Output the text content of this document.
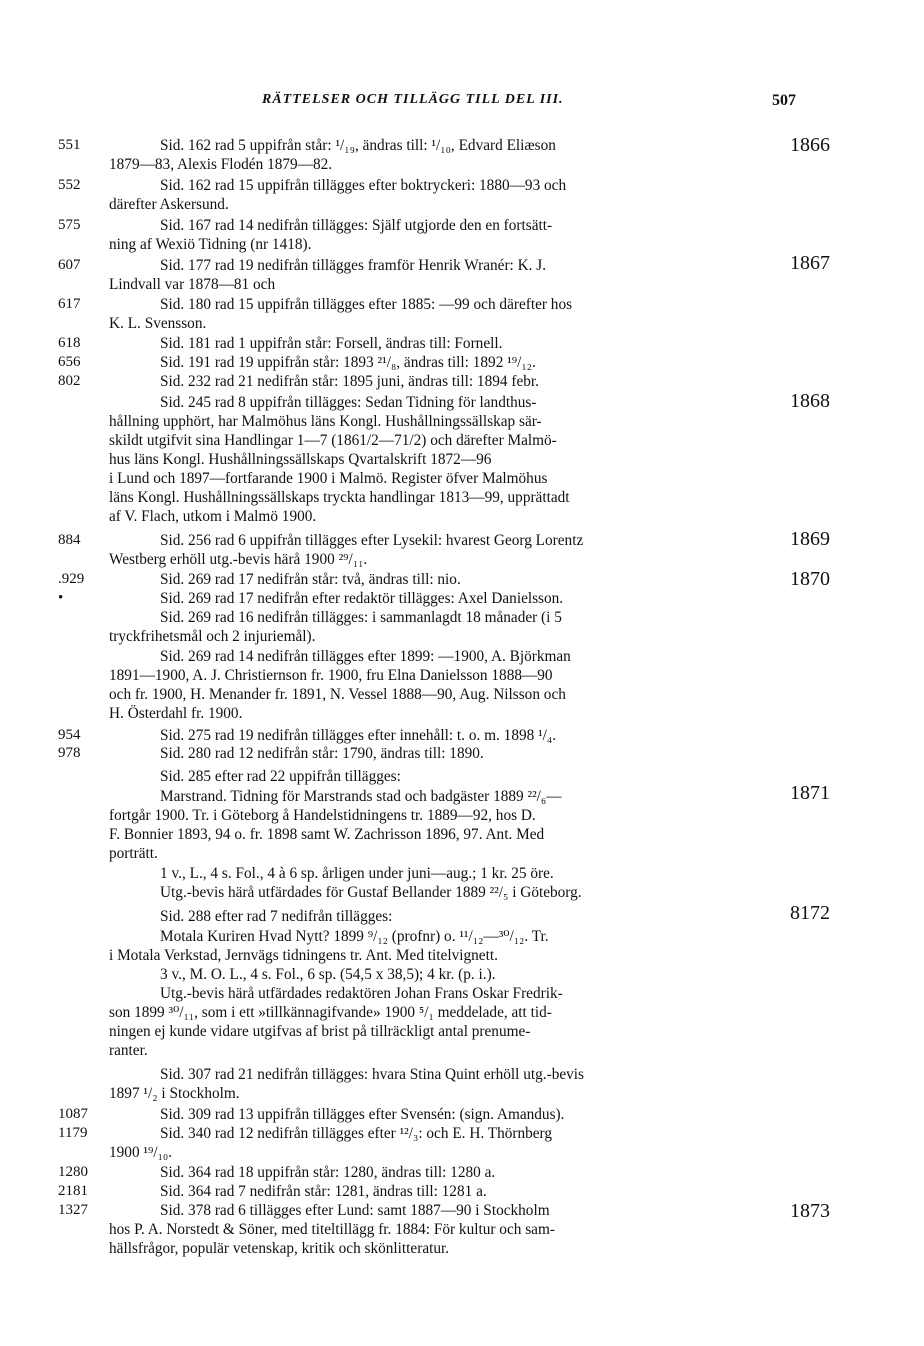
RÄTTELSER OCH TILLÄGG TILL DEL III.	507
551
552
575
607
617
618
656
802
884
.929
•
954
978
1087
1179
1280
2181
1327
1866
1867
1868
1869
1870
1871
8172
1873
Sid. 162 rad 5 uppifrån står: ¹/₁₉, ändras till: ¹/₁₀, Edvard Eliæson
1879—83, Alexis Flodén 1879—82.
Sid. 162 rad 15 uppifrån tillägges efter boktryckeri: 1880—93 och
därefter Askersund.
Sid. 167 rad 14 nedifrån tillägges: Själf utgjorde den en fortsätt-
ning af Wexiö Tidning (nr 1418).
Sid. 177 rad 19 nedifrån tillägges framför Henrik Wranér: K. J.
Lindvall var 1878—81 och
Sid. 180 rad 15 uppifrån tillägges efter 1885: —99 och därefter hos
K. L. Svensson.
Sid. 181 rad 1 uppifrån står: Forsell, ändras till: Fornell.
Sid. 191 rad 19 uppifrån står: 1893 ²¹/₈, ändras till: 1892 ¹⁹/₁₂.
Sid. 232 rad 21 nedifrån står: 1895 juni, ändras till: 1894 febr.
Sid. 245 rad 8 uppifrån tillägges: Sedan Tidning för landthus-
hållning upphört, har Malmöhus läns Kongl. Hushållningssällskap sär-
skildt utgifvit sina Handlingar 1—7 (1861/2—71/2) och därefter Malmö-
hus läns Kongl. Hushållningssällskaps Qvartalskrift 1872—96
i Lund och 1897—fortfarande 1900 i Malmö. Register öfver Malmöhus
läns Kongl. Hushållningssällskaps tryckta handlingar 1813—99, upprättadt
af V. Flach, utkom i Malmö 1900.
Sid. 256 rad 6 uppifrån tillägges efter Lysekil: hvarest Georg Lorentz
Westberg erhöll utg.-bevis härå 1900 ²⁹/₁₁.
Sid. 269 rad 17 nedifrån står: två, ändras till: nio.
Sid. 269 rad 17 nedifrån efter redaktör tillägges: Axel Danielsson.
Sid. 269 rad 16 nedifrån tillägges: i sammanlagdt 18 månader (i 5
tryckfrihetsmål och 2 injuriemål).
Sid. 269 rad 14 nedifrån tillägges efter 1899: —1900, A. Björkman
1891—1900, A. J. Christiernson fr. 1900, fru Elna Danielsson 1888—90
och fr. 1900, H. Menander fr. 1891, N. Vessel 1888—90, Aug. Nilsson och
H. Österdahl fr. 1900.
Sid. 275 rad 19 nedifrån tillägges efter innehåll: t. o. m. 1898 ¹/₄.
Sid. 280 rad 12 nedifrån står: 1790, ändras till: 1890.
Sid. 285 efter rad 22 uppifrån tillägges:
Marstrand. Tidning för Marstrands stad och badgäster 1889 ²²/₆—
fortgår 1900. Tr. i Göteborg å Handelstidningens tr. 1889—92, hos D.
F. Bonnier 1893, 94 o. fr. 1898 samt W. Zachrisson 1896, 97. Ant. Med
porträtt.
1 v., L., 4 s. Fol., 4 à 6 sp. årligen under juni—aug.; 1 kr. 25 öre.
Utg.-bevis härå utfärdades för Gustaf Bellander 1889 ²²/₅ i Göteborg.
Sid. 288 efter rad 7 nedifrån tillägges:
Motala Kuriren Hvad Nytt? 1899 ⁹/₁₂ (profnr) o. ¹¹/₁₂—³⁰/₁₂. Tr.
i Motala Verkstad, Jernvägs tidningens tr. Ant. Med titelvignett.
3 v., M. O. L., 4 s. Fol., 6 sp. (54,5 x 38,5); 4 kr. (p. i.).
Utg.-bevis härå utfärdades redaktören Johan Frans Oskar Fredrik-
son 1899 ³⁰/₁₁, som i ett »tillkännagifvande» 1900 ⁵/₁ meddelade, att tid-
ningen ej kunde vidare utgifvas af brist på tillräckligt antal prenume-
ranter.
Sid. 307 rad 21 nedifrån tillägges: hvara Stina Quint erhöll utg.-bevis
1897 ¹/₂ i Stockholm.
Sid. 309 rad 13 uppifrån tillägges efter Svensén: (sign. Amandus).
Sid. 340 rad 12 nedifrån tillägges efter ¹²/₃: och E. H. Thörnberg
1900 ¹⁹/₁₀.
Sid. 364 rad 18 uppifrån står: 1280, ändras till: 1280 a.
Sid. 364 rad 7 nedifrån står: 1281, ändras till: 1281 a.
Sid. 378 rad 6 tillägges efter Lund: samt 1887—90 i Stockholm
hos P. A. Norstedt & Söner, med titeltillägg fr. 1884: För kultur och sam-
hällsfrågor, populär vetenskap, kritik och skönlitteratur.
